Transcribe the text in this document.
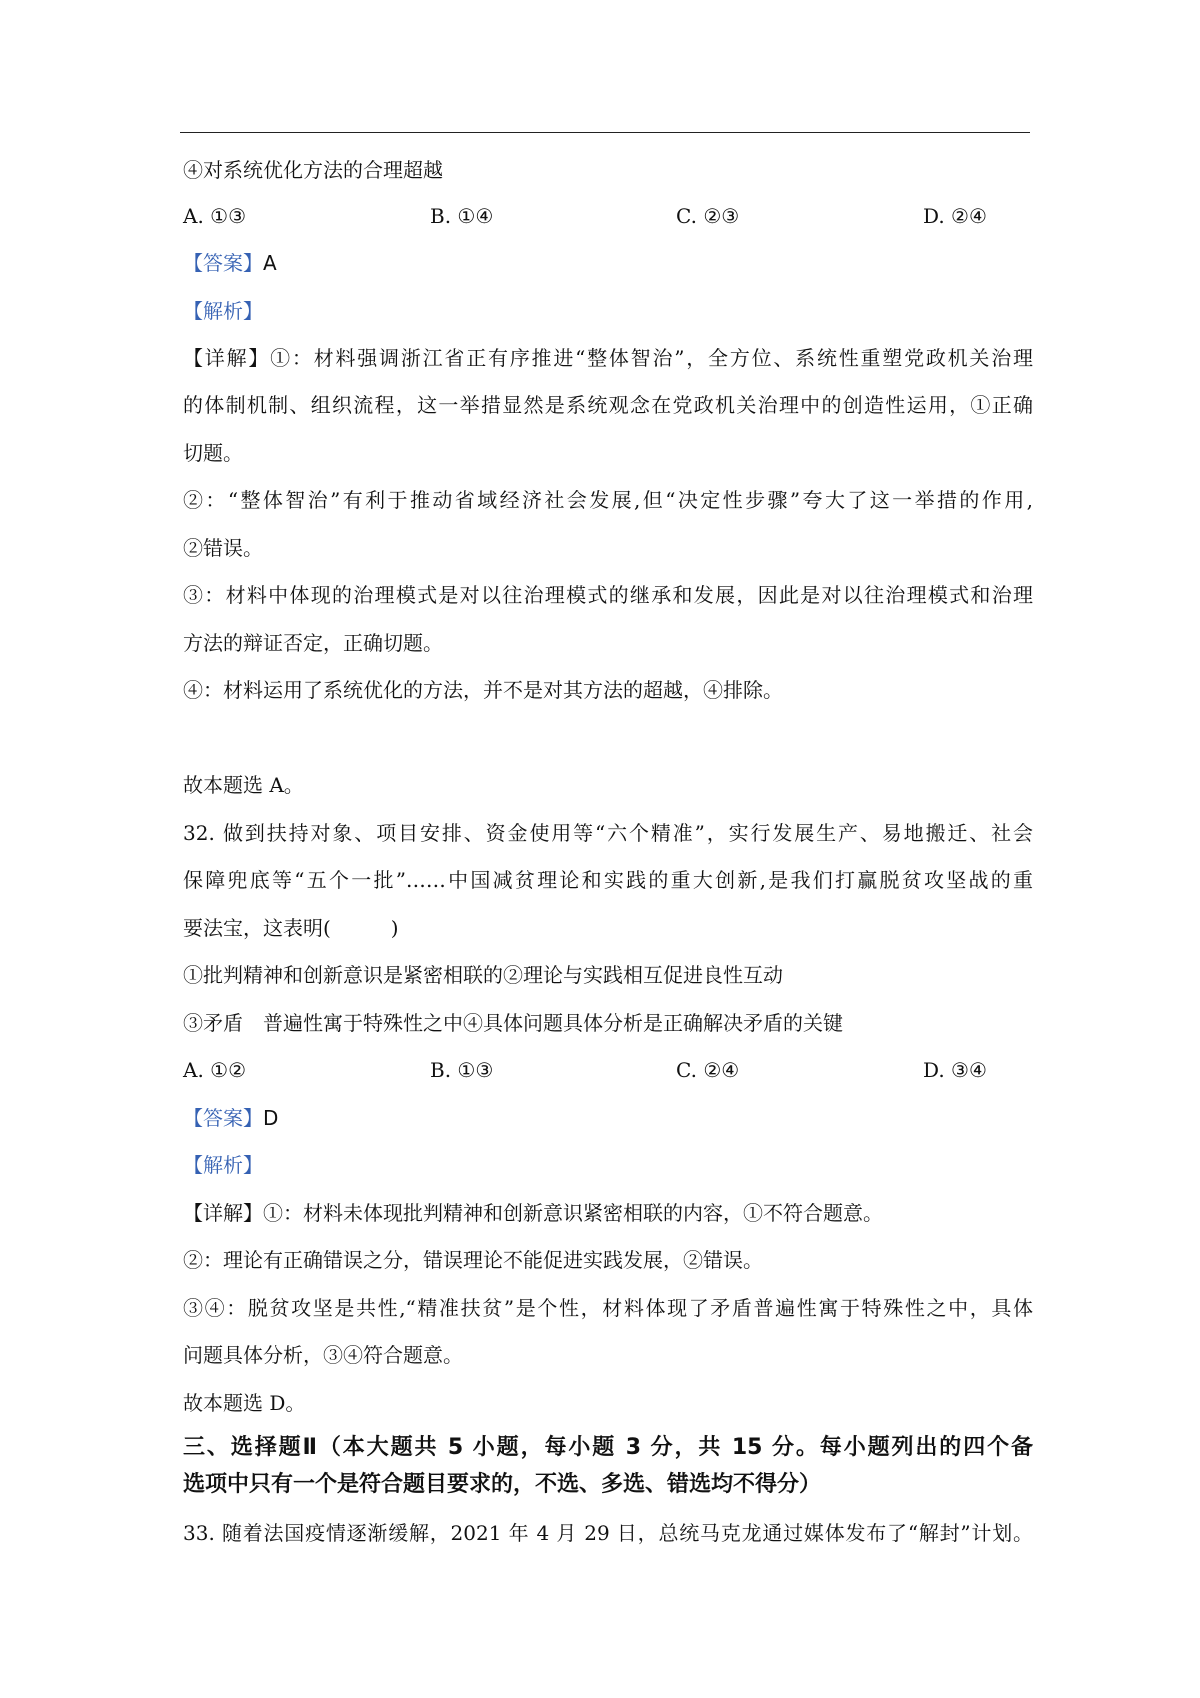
④对系统优化方法的合理超越
A. ①③	B. ①④	C. ②③	D. ②④
【答案】A
【解析】
【详解】①：材料强调浙江省正有序推进“整体智治”，全方位、系统性重塑党政机关治理
的体制机制、组织流程，这一举措显然是系统观念在党政机关治理中的创造性运用，①正确
切题。
②：“整体智治”有利于推动省域经济社会发展,但“决定性步骤”夸大了这一举措的作用,
②错误。
③：材料中体现的治理模式是对以往治理模式的继承和发展，因此是对以往治理模式和治理
方法的辩证否定，正确切题。
④：材料运用了系统优化的方法，并不是对其方法的超越，④排除。
故本题选 A。
32. 做到扶持对象、项目安排、资金使用等“六个精准”，实行发展生产、易地搬迁、社会
保障兜底等“五个一批”……中国减贫理论和实践的重大创新,是我们打赢脱贫攻坚战的重
要法宝，这表明(　　　)
①批判精神和创新意识是紧密相联的②理论与实践相互促进良性互动
③矛盾　普遍性寓于特殊性之中④具体问题具体分析是正确解决矛盾的关键
A. ①②	B. ①③	C. ②④	D. ③④
【答案】D
【解析】
【详解】①：材料未体现批判精神和创新意识紧密相联的内容，①不符合题意。
②：理论有正确错误之分，错误理论不能促进实践发展，②错误。
③④：脱贫攻坚是共性,“精准扶贫”是个性，材料体现了矛盾普遍性寓于特殊性之中，具体
问题具体分析，③④符合题意。
故本题选 D。
三、选择题Ⅱ（本大题共 5 小题，每小题 3 分，共 15 分。每小题列出的四个备
选项中只有一个是符合题目要求的，不选、多选、错选均不得分）
33. 随着法国疫情逐渐缓解，2021 年 4 月 29 日，总统马克龙通过媒体发布了“解封”计划。
